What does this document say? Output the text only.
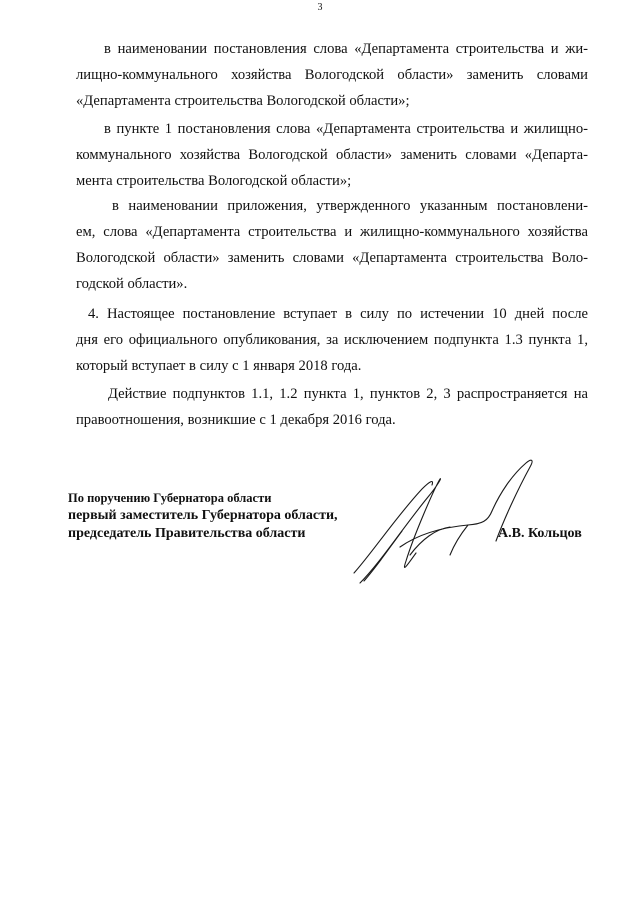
3
в наименовании постановления слова «Департамента строительства и жи-
лищно-коммунального хозяйства Вологодской области» заменить словами
«Департамента строительства Вологодской области»;
в пункте 1 постановления слова «Департамента строительства и жилищно-
коммунального хозяйства Вологодской области» заменить словами «Департа-
мента строительства Вологодской области»;
в наименовании приложения, утвержденного указанным постановлени-
ем, слова «Департамента строительства и жилищно-коммунального хозяйства
Вологодской области» заменить словами «Департамента строительства Воло-
годской области».
4. Настоящее постановление вступает в силу по истечении 10 дней после
дня его официального опубликования, за исключением подпункта 1.3 пункта 1,
который вступает в силу с 1 января 2018 года.
Действие подпунктов 1.1, 1.2 пункта 1, пунктов 2, 3 распространяется на
правоотношения, возникшие с 1 декабря 2016 года.
По поручению Губернатора области
первый заместитель Губернатора области,
председатель Правительства области	А.В. Кольцов
